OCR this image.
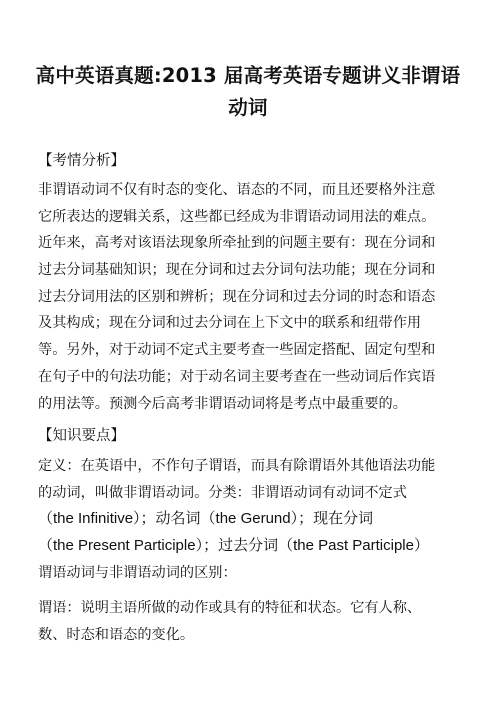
高中英语真题:2013 届高考英语专题讲义非谓语
动词
【考情分析】
非谓语动词不仅有时态的变化、语态的不同，而且还要格外注意
它所表达的逻辑关系，这些都已经成为非谓语动词用法的难点。
近年来，高考对该语法现象所牵扯到的问题主要有：现在分词和
过去分词基础知识；现在分词和过去分词句法功能；现在分词和
过去分词用法的区别和辨析；现在分词和过去分词的时态和语态
及其构成；现在分词和过去分词在上下文中的联系和纽带作用
等。另外，对于动词不定式主要考查一些固定搭配、固定句型和
在句子中的句法功能；对于动名词主要考查在一些动词后作宾语
的用法等。预测今后高考非谓语动词将是考点中最重要的。
【知识要点】
定义：在英语中，不作句子谓语，而具有除谓语外其他语法功能
的动词，叫做非谓语动词。分类：非谓语动词有动词不定式
（the Infinitive）；动名词（the Gerund）；现在分词
（the Present Participle）；过去分词（the Past Participle）
谓语动词与非谓语动词的区别：
谓语：说明主语所做的动作或具有的特征和状态。它有人称、
数、时态和语态的变化。
